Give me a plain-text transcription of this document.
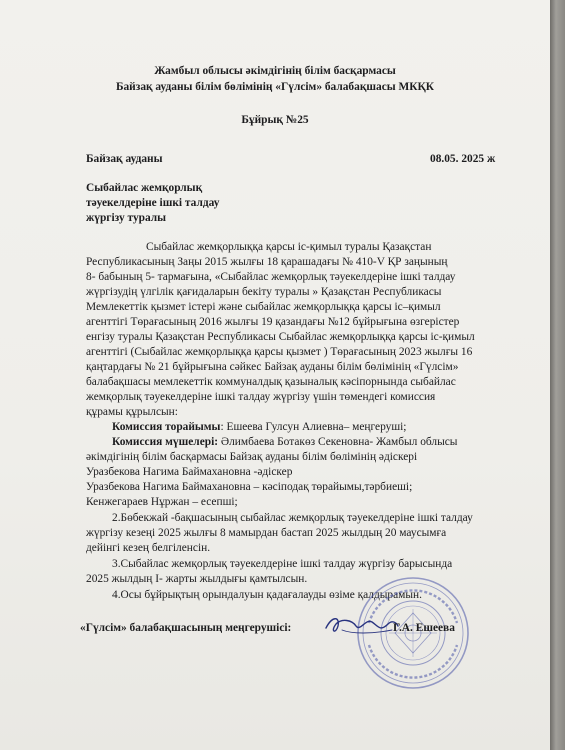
Жамбыл облысы әкімдігінің білім басқармасы
Байзақ ауданы білім бөлімінің «Гүлсім» балабақшасы МКҚК
Бұйрық №25
Байзақ ауданы	08.05. 2025 ж
Сыбайлас жемқорлық
тәуекелдеріне ішкі талдау
жүргізу туралы
Сыбайлас жемқорлыққа қарсы іс-қимыл туралы Қазақстан
Республикасының Заңы 2015 жылғы 18 қарашадағы № 410-V ҚР заңының
8- бабының 5- тармағына, «Сыбайлас жемқорлық тәуекелдеріне ішкі талдау
жүргізудің үлгілік қағидаларын бекіту туралы » Қазақстан Республикасы
Мемлекеттік қызмет істері және сыбайлас жемқорлыққа қарсы іс–қимыл
агенттігі Төрағасының 2016 жылғы 19 қазандағы №12 бұйрығына өзгерістер
енгізу туралы Қазақстан Республикасы Сыбайлас жемқорлыққа қарсы іс-қимыл
агенттігі (Сыбайлас жемқорлыққа қарсы қызмет ) Төрағасының 2023 жылғы 16
қаңтардағы № 21 бұйрығына сәйкес Байзақ ауданы білім бөлімінің «Гүлсім»
балабақшасы мемлекеттік коммуналдық қазыналық кәсіпорнында сыбайлас
жемқорлық тәуекелдеріне ішкі талдау жүргізу үшін төмендегі комиссия
құрамы құрылсын:
Комиссия торайымы: Ешеева Гулсун Алиевна– меңгеруші;
Комиссия мүшелері: Әлимбаева Ботакөз Секеновна- Жамбыл облысы
әкімдігінің білім басқармасы Байзақ ауданы білім бөлімінің әдіскері
Уразбекова Нагима Баймахановна -әдіскер
Уразбекова Нагима Баймахановна – кәсіподақ төрайымы,тәрбиеші;
Кенжегараев Нұржан – есепші;
2.Бөбекжай -бақшасының сыбайлас жемқорлық тәуекелдеріне ішкі талдау
жүргізу кезеңі 2025 жылғы 8 мамырдан бастап 2025 жылдың 20 маусымға
дейінгі кезең белгіленсін.
3.Сыбайлас жемқорлық тәуекелдеріне ішкі талдау жүргізу барысында
2025 жылдың І- жарты жылдығы қамтылсын.
4.Осы бұйрықтың орындалуын қадағалауды өзіме қалдырамын.
«Гүлсім» балабақшасының меңгерушісі:	Г.А. Ешеева
